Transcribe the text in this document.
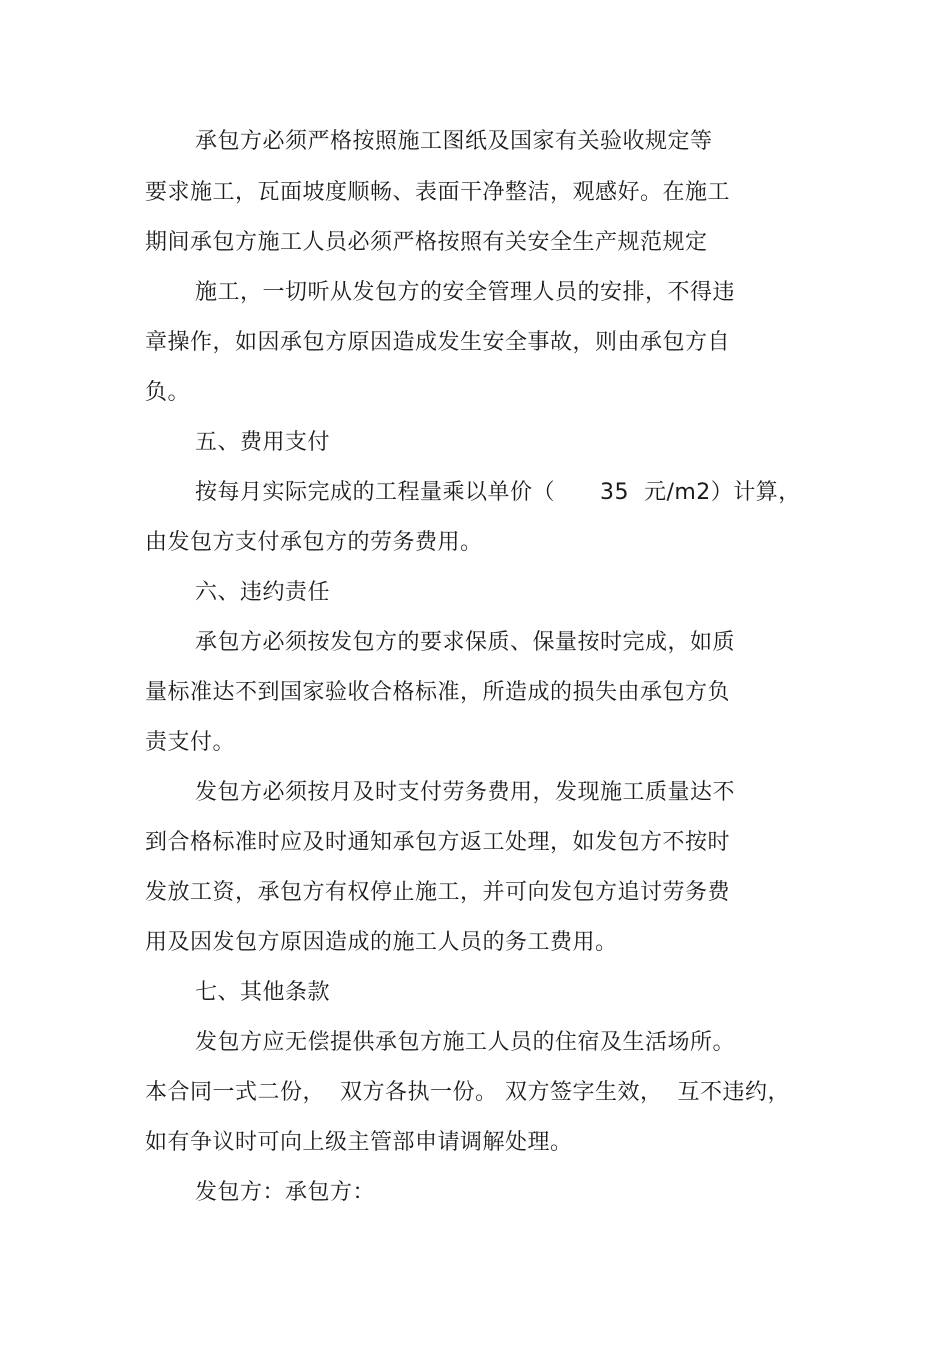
承包方必须严格按照施工图纸及国家有关验收规定等
要求施工，瓦面坡度顺畅、表面干净整洁，观感好。在施工
期间承包方施工人员必须严格按照有关安全生产规范规定
施工，一切听从发包方的安全管理人员的安排，不得违
章操作，如因承包方原因造成发生安全事故，则由承包方自
负。
五、费用支付
按每月实际完成的工程量乘以单价（      35  元/m2）计算，
由发包方支付承包方的劳务费用。
六、违约责任
承包方必须按发包方的要求保质、保量按时完成，如质
量标准达不到国家验收合格标准，所造成的损失由承包方负
责支付。
发包方必须按月及时支付劳务费用，发现施工质量达不
到合格标准时应及时通知承包方返工处理，如发包方不按时
发放工资，承包方有权停止施工，并可向发包方追讨劳务费
用及因发包方原因造成的施工人员的务工费用。
七、其他条款
发包方应无偿提供承包方施工人员的住宿及生活场所。
本合同一式二份，  双方各执一份。 双方签字生效，  互不违约，
如有争议时可向上级主管部申请调解处理。
发包方：承包方：
